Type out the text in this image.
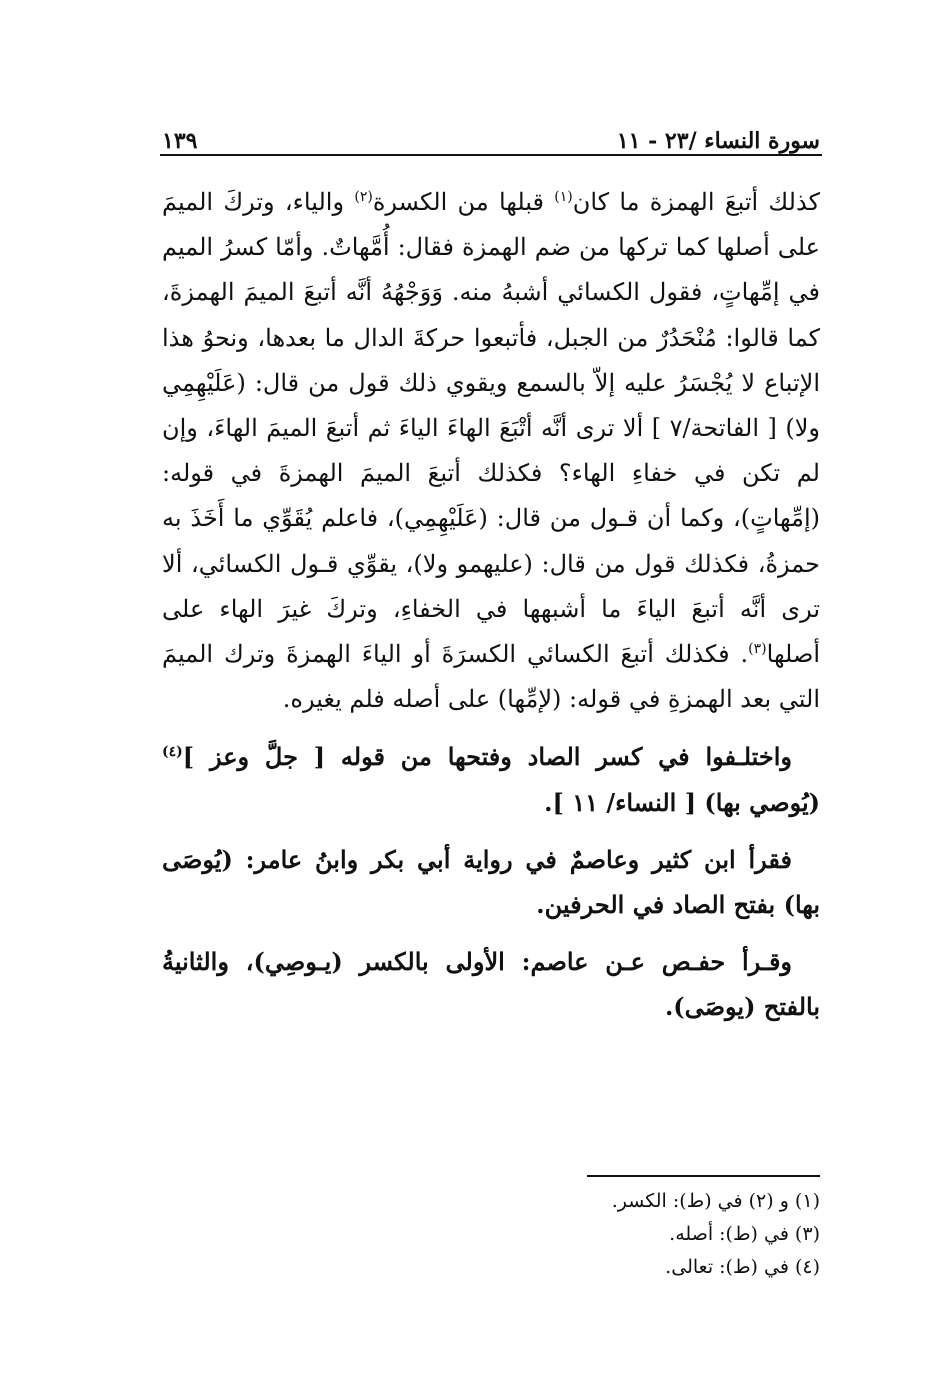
سورة النساء /٢٣ - ١١
١٣٩

كذلك أتبعَ الهمزة ما كان$^{(١)}$ قبلها من الكسرة$^{(٢)}$ والياء، وتركَ الميمَ على أصلها كما تركها من ضم الهمزة فقال: أُمَّهاتٌ. وأمّا كسرُ الميم في إمِّهاتٍ، فقول الكسائي أشبهُ منه. وَوَجْهُهُ أنَّه أتبعَ الميمَ الهمزةَ، كما قالوا: مُنْحَدُرٌ من الجبل، فأتبعوا حركةَ الدال ما بعدها، ونحوُ هذا الإتباع لا يُجْسَرُ عليه إلاّ بالسمع ويقوي ذلك قول من قال: (عَلَيْهِمِي ولا) [ الفاتحة/٧ ] ألا ترى أنَّه أتْبَعَ الهاءَ الياءَ ثم أتبعَ الميمَ الهاءَ، وإن لم تكن في خفاءِ الهاء؟ فكذلك أتبعَ الميمَ الهمزةَ في قوله: (إمِّهاتٍ)، وكما أن قـول من قال: (عَلَيْهِمِي)، فاعلم يُقَوِّي ما أَخَذَ به حمزةُ، فكذلك قول من قال: (عليهمو ولا)، يقوِّي قـول الكسائي، ألا ترى أنَّه أتبعَ الياءَ ما أشبهها في الخفاءِ، وتركَ غيرَ الهاء على أصلها$^{(٣)}$. فكذلك أتبعَ الكسائي الكسرَةَ أو الياءَ الهمزةَ وترك الميمَ التي بعد الهمزةِ في قوله: (لإمِّها) على أصله فلم يغيره.

واختلـفوا في كسر الصاد وفتحها من قوله [ جلَّ وعز ]$^{(٤)}$ (يُوصي بها) [ النساء/ ١١ ].

فقرأ ابن كثير وعاصمٌ في رواية أبي بكر وابنُ عامر: (يُوصَى بها) بفتح الصاد في الحرفين.

وقـرأ حفـص عـن عاصم: الأولى بالكسر (يـوصِي)، والثانيةُ بالفتح (يوصَى).

(١) و (٢) في (ط): الكسر.
(٣) في (ط): أصله.
(٤) في (ط): تعالى.
